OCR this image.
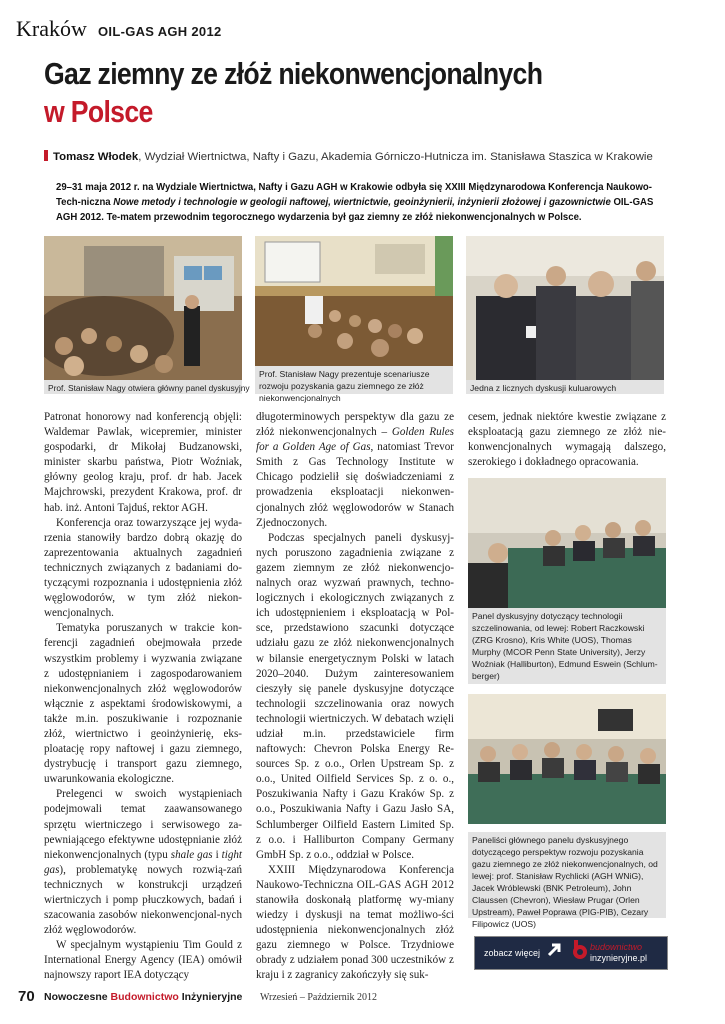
Kraków OIL-GAS AGH 2012
Gaz ziemny ze złóż niekonwencjonalnych
w Polsce
Tomasz Włodek, Wydział Wiertnictwa, Nafty i Gazu, Akademia Górniczo-Hutnicza im. Stanisława Staszica w Krakowie
29–31 maja 2012 r. na Wydziale Wiertnictwa, Nafty i Gazu AGH w Krakowie odbyła się XXIII Międzynarodowa Konferencja Naukowo-Tech-niczna Nowe metody i technologie w geologii naftowej, wiertnictwie, geoinżynierii, inżynierii złożowej i gazownictwie OIL-GAS AGH 2012. Te-matem przewodnim tegorocznego wydarzenia był gaz ziemny ze złóż niekonwencjonalnych w Polsce.
Prof. Stanisław Nagy otwiera główny panel dyskusyjny
Prof. Stanisław Nagy prezentuje scenariusze rozwoju pozyskania gazu ziemnego ze złóż niekonwencjonalnych
Jedna z licznych dyskusji kuluarowych

Patronat honorowy nad konferencją objęli: Waldemar Pawlak, wicepremier, minister gospodarki, dr Mikołaj Budzanowski, minister skarbu państwa, Piotr Woźniak, główny geolog kraju, prof. dr hab. Jacek Majchrowski, prezydent Krakowa, prof. dr hab. inż. Antoni Tajduś, rektor AGH.

Konferencja oraz towarzyszące jej wyda-rzenia stanowiły bardzo dobrą okazję do zaprezentowania aktualnych zagadnień technicznych związanych z badaniami do-tyczącymi rozpoznania i udostępnienia złóż węglowodorów, w tym złóż niekon-wencjonalnych.

Tematyka poruszanych w trakcie kon-ferencji zagadnień obejmowała przede wszystkim problemy i wyzwania związane z udostępnianiem i zagospodarowaniem niekonwencjonalnych złóż węglowodorów włącznie z aspektami środowiskowymi, a także m.in. poszukiwanie i rozpoznanie złóż, wiertnictwo i geoinżynierię, eks-ploatację ropy naftowej i gazu ziemnego, dystrybucję i transport gazu ziemnego, uwarunkowania ekologiczne.

Prelegenci w swoich wystąpieniach podejmowali temat zaawansowanego sprzętu wiertniczego i serwisowego za-pewniającego efektywne udostępnianie złóż niekonwencjonalnych (typu shale gas i tight gas), problematykę nowych rozwią-zań technicznych w konstrukcji urządzeń wiertniczych i pomp płuczkowych, badań i szacowania zasobów niekonwencjonal-nych złóż węglowodorów.

W specjalnym wystąpieniu Tim Gould z International Energy Agency (IEA) omówił najnowszy raport IEA dotyczący

długoterminowych perspektyw dla gazu ze złóż niekonwencjonalnych – Golden Rules for a Golden Age of Gas, natomiast Trevor Smith z Gas Technology Institute w Chicago podzielił się doświadczeniami z prowadzenia eksploatacji niekonwen-cjonalnych złóż węglowodorów w Stanach Zjednoczonych.

Podczas specjalnych paneli dyskusyj-nych poruszono zagadnienia związane z gazem ziemnym ze złóż niekonwencjo-nalnych oraz wyzwań prawnych, techno-logicznych i ekologicznych związanych z ich udostępnieniem i eksploatacją w Pol-sce, przedstawiono szacunki dotyczące udziału gazu ze złóż niekonwencjonalnych w bilansie energetycznym Polski w latach 2020–2040. Dużym zainteresowaniem cieszyły się panele dyskusyjne dotyczące technologii szczelinowania oraz nowych technologii wiertniczych. W debatach wzięli udział m.in. przedstawiciele firm naftowych: Chevron Polska Energy Re-sources Sp. z o.o., Orlen Upstream Sp. z o.o., United Oilfield Services Sp. z o. o., Poszukiwania Nafty i Gazu Kraków Sp. z o.o., Poszukiwania Nafty i Gazu Jasło SA, Schlumberger Oilfield Eastern Limited Sp. z o.o. i Halliburton Company Germany GmbH Sp. z o.o., oddział w Polsce.

XXIII Międzynarodowa Konferencja Naukowo-Techniczna OIL-GAS AGH 2012 stanowiła doskonałą platformę wy-miany wiedzy i dyskusji na temat możliwo-ści udostępnienia niekonwencjonalnych złóż gazu ziemnego w Polsce. Trzydniowe obrady z udziałem ponad 300 uczestników z kraju i z zagranicy zakończyły się suk-

cesem, jednak niektóre kwestie związane z eksploatacją gazu ziemnego ze złóż nie-konwencjonalnych wymagają dalszego, szerokiego i dokładnego opracowania.

Panel dyskusyjny dotyczący technologii szczelinowania, od lewej: Robert Raczkowski (ZRG Krosno), Kris White (UOS), Thomas Murphy (MCOR Penn State University), Jerzy Woźniak (Halliburton), Edmund Eswein (Schlum-berger)
Paneliści głównego panelu dyskusyjnego dotyczącego perspektyw rozwoju pozyskania gazu ziemnego ze złóż niekonwencjonalnych, od lewej: prof. Stanisław Rychlicki (AGH WNiG), Jacek Wróblewski (BNK Petroleum), John Claussen (Chevron), Wiesław Prugar (Orlen Upstream), Paweł Poprawa (PIG-PIB), Cezary Filipowicz (UOS)
zobacz więcej
budownictwo
inzynieryjne.pl
70 Nowoczesne Budownictwo Inżynieryjne Wrzesień – Październik 2012
